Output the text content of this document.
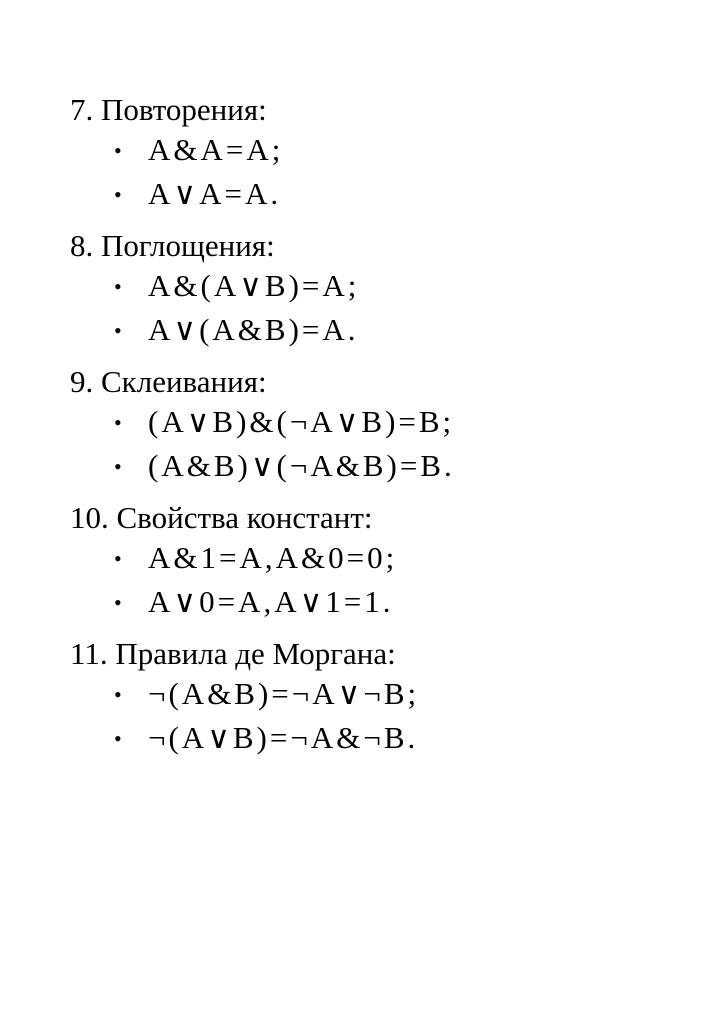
7. Повторения:
• A&A=A;
• A∨A=A.
8. Поглощения:
• A&(A∨B)=A;
• A∨(A&B)=A.
9. Склеивания:
• (A∨B)&(¬A∨B)=B;
• (A&B)∨(¬A&B)=B.
10. Свойства констант:
• A&1=A,A&0=0;
• A∨0=A,A∨1=1.
11. Правила де Моргана:
• ¬(A&B)=¬A∨¬B;
• ¬(A∨B)=¬A&¬B.
